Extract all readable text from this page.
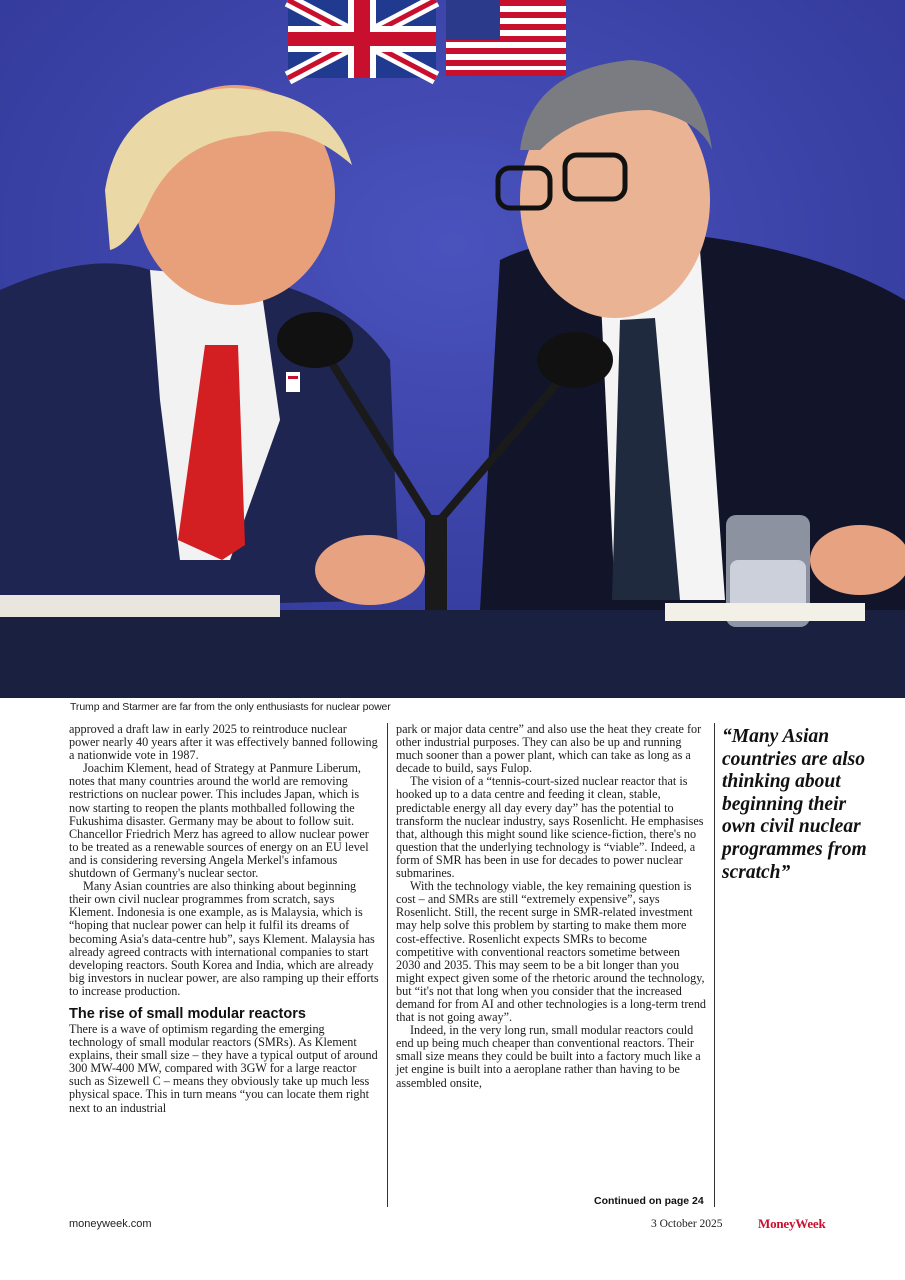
Trump and Starmer are far from the only enthusiasts for nuclear power

approved a draft law in early 2025 to reintroduce nuclear power nearly 40 years after it was effectively banned following a nationwide vote in 1987.

Joachim Klement, head of Strategy at Panmure Liberum, notes that many countries around the world are removing restrictions on nuclear power. This includes Japan, which is now starting to reopen the plants mothballed following the Fukushima disaster. Germany may be about to follow suit. Chancellor Friedrich Merz has agreed to allow nuclear power to be treated as a renewable sources of energy on an EU level and is considering reversing Angela Merkel's infamous shutdown of Germany's nuclear sector.

Many Asian countries are also thinking about beginning their own civil nuclear programmes from scratch, says Klement. Indonesia is one example, as is Malaysia, which is “hoping that nuclear power can help it fulfil its dreams of becoming Asia's data-centre hub”, says Klement. Malaysia has already agreed contracts with international companies to start developing reactors. South Korea and India, which are already big investors in nuclear power, are also ramping up their efforts to increase production.

The rise of small modular reactors

There is a wave of optimism regarding the emerging technology of small modular reactors (SMRs). As Klement explains, their small size – they have a typical output of around 300 MW-400 MW, compared with 3GW for a large reactor such as Sizewell C – means they obviously take up much less physical space. This in turn means “you can locate them right next to an industrial

park or major data centre” and also use the heat they create for other industrial purposes. They can also be up and running much sooner than a power plant, which can take as long as a decade to build, says Fulop.

The vision of a “tennis-court-sized nuclear reactor that is hooked up to a data centre and feeding it clean, stable, predictable energy all day every day” has the potential to transform the nuclear industry, says Rosenlicht. He emphasises that, although this might sound like science-fiction, there's no question that the underlying technology is “viable”. Indeed, a form of SMR has been in use for decades to power nuclear submarines.

With the technology viable, the key remaining question is cost – and SMRs are still “extremely expensive”, says Rosenlicht. Still, the recent surge in SMR-related investment may help solve this problem by starting to make them more cost-effective. Rosenlicht expects SMRs to become competitive with conventional reactors sometime between 2030 and 2035. This may seem to be a bit longer than you might expect given some of the rhetoric around the technology, but “it's not that long when you consider that the increased demand for from AI and other technologies is a long-term trend that is not going away”.

Indeed, in the very long run, small modular reactors could end up being much cheaper than conventional reactors. Their small size means they could be built into a factory much like a jet engine is built into a aeroplane rather than having to be assembled onsite,

“Many Asian countries are also thinking about beginning their own civil nuclear programmes from scratch”
Continued on page 24
moneyweek.com	3 October 2025	MoneyWeek
